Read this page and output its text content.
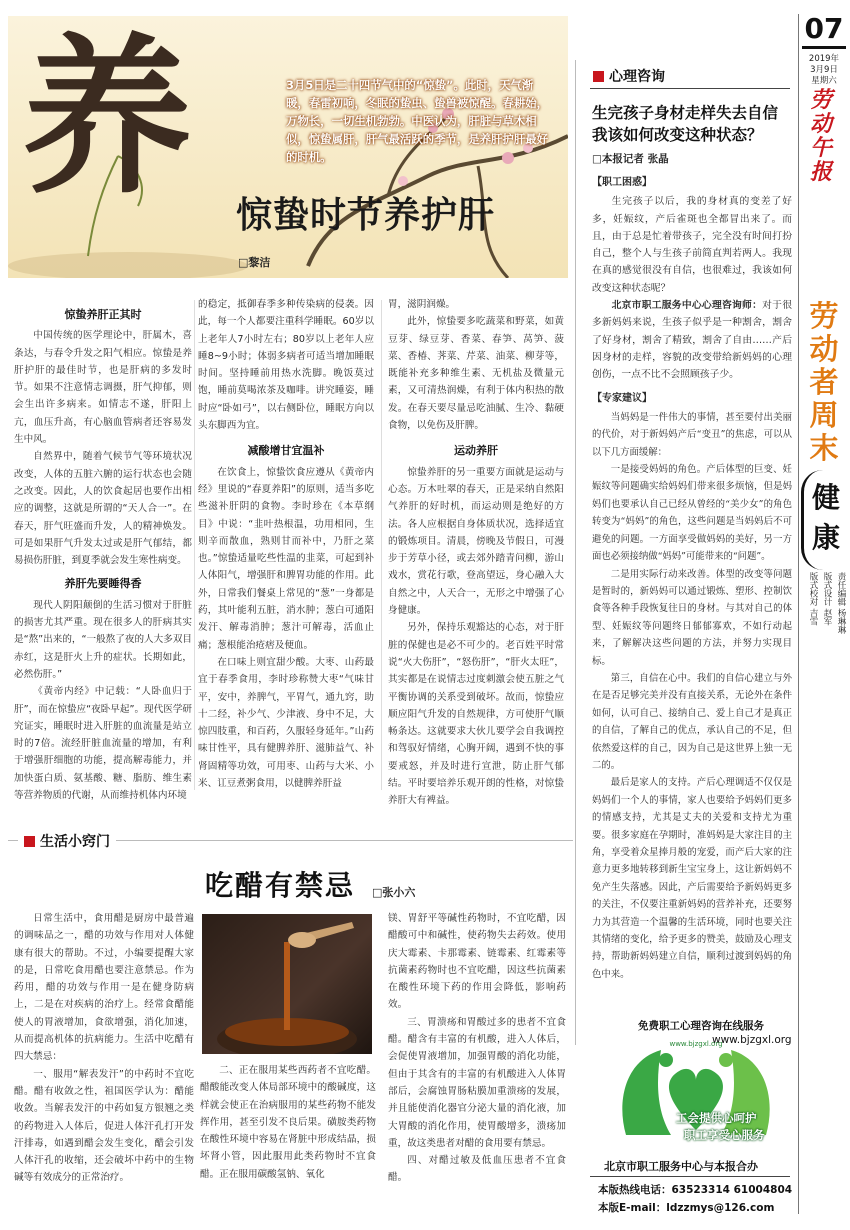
养	3月5日是二十四节气中的“惊蛰”。此时，天气渐暖，春雷初响，冬眠的蛰虫、蛰兽被惊醒。春耕始，万物长，一切生机勃勃。中医认为，肝脏与草木相似，惊蛰属肝，肝气最活跃的季节，是养肝护肝最好的时机。
惊蛰时节养护肝
□黎洁
惊蛰养肝正其时

中国传统的医学理论中，肝属木，喜条达，与春令升发之阳气相应。惊蛰是养肝护肝的最佳时节，也是肝病的多发时节。如果不注意情志调摄，肝气抑郁，则会生出许多病来。如情志不遂，肝阳上亢，血压升高，有心脑血管病者还容易发生中风。

自然界中，随着气候节气等环境状况改变，人体的五脏六腑的运行状态也会随之改变。因此，人的饮食起居也要作出相应的调整，这就是所谓的“天人合一”。在春天，肝气旺盛而升发，人的精神焕发。可是如果肝气升发太过或是肝气郁结，都易损伤肝脏，到夏季就会发生寒性病变。

养肝先要睡得香

现代人阴阳颠倒的生活习惯对于肝脏的损害尤其严重。现在很多人的肝病其实是“熬”出来的，“一般熬了夜的人大多双目赤红，这是肝火上升的症状。长期如此，必然伤肝。”

《黄帝内经》中记载：“人卧血归于肝”，而在惊蛰应“夜卧早起”。现代医学研究证实，睡眠时进入肝脏的血流量是站立时的7倍。流经肝脏血流量的增加，有利于增强肝细胞的功能，提高解毒能力，并加快蛋白质、氨基酸、糖、脂肪、维生素等营养物质的代谢，从而维持机体内环境

的稳定，抵御春季多种传染病的侵袭。因此，每一个人都要注重科学睡眠。60岁以上老年人7小时左右；80岁以上老年人应睡8~9小时；体弱多病者可适当增加睡眠时间。坚持睡前用热水洗脚。晚饭莫过饱，睡前莫喝浓茶及咖啡。讲究睡姿，睡时应“卧如弓”，以右侧卧位，睡眠方向以头东脚西为宜。

减酸增甘宜温补

在饮食上，惊蛰饮食应遵从《黄帝内经》里说的“春夏养阳”的原则，适当多吃些滋补肝阴的食物。李时珍在《本草纲目》中说：“韭叶热根温，功用相同，生则辛而散血，熟则甘而补中，乃肝之菜也。”惊蛰适量吃些性温的韭菜，可起到补人体阳气，增强肝和脾胃功能的作用。此外，日常我们餐桌上常见的“葱”一身都是药，其叶能利五脏，消水肿；葱白可通阳发汗、解毒消肿；葱汁可解毒，活血止痛；葱根能治疮痞及便血。

在口味上则宜甜少酸。大枣、山药最宜于春季食用，李时珍称赞大枣“气味甘平，安中，养脾气，平胃气，通九窍，助十二经，补少气、少津液、身中不足，大惊四肢重，和百药，久服轻身延年。”山药味甘性平，具有健脾养肝、滋肺益气、补肾固精等功效，可用枣、山药与大米、小米、讧豆煮粥食用，以健脾养肝益

胃，滋阴润燥。

此外，惊蛰要多吃蔬菜和野菜，如黄豆芽、绿豆芽、香菜、春笋、莴笋、菠菜、香椿、荠菜、芹菜、油菜、柳芽等，既能补充多种维生素、无机盐及微量元素，又可清热润燥，有利于体内积热的散发。在春天要尽量忌吃油腻、生冷、黏硬食物，以免伤及肝脾。

运动养肝

惊蛰养肝的另一重要方面就是运动与心态。万木吐翠的春天，正是采纳自然阳气养肝的好时机，而运动则是绝好的方法。各人应根据自身体质状况，选择适宜的锻炼项目。清晨，傍晚及节假日，可漫步于芳草小径，或去郊外踏青问柳，游山戏水，赏花行歌，登高望远，身心融入大自然之中，人天合一，无形之中增强了心身健康。

另外，保持乐观豁达的心态，对于肝脏的保健也是必不可少的。老百姓平时常说“火大伤肝”，“怒伤肝”，“肝火太旺”，其实都是在说情志过度刺激会使五脏之气平衡协调的关系受到破坏。故而，惊蛰应顺应阳气升发的自然规律，方可使肝气顺畅条达。这就要求大伙儿要学会自我调控和驾驭好情绪，心胸开阔，遇到不快的事要戒怒，并及时进行宣泄，防止肝气郁结。平时要培养乐观开朗的性格，对惊蛰养肝大有裨益。

生活小窍门
吃醋有禁忌 □张小六

日常生活中，食用醋是厨房中最普遍的调味品之一，醋的功效与作用对人体健康有很大的帮助。不过，小编要提醒大家的是，日常吃食用醋也要注意禁忌。作为药用，醋的功效与作用一是在健身防病上，二是在对疾病的治疗上。经常食醋能使人的胃液增加，食欲增强，消化加速，从而提高机体的抗病能力。生活中吃醋有四大禁忌：

一、服用“解表发汗”的中药时不宜吃醋。醋有收敛之性，祖国医学认为：醋能收敛。当解表发汗的中药如复方银翘之类的药物进入人体后，促进人体汗孔打开发汗排毒，如遇到醋会发生变化，醋会引发人体汗孔的收缩，还会破坏中药中的生物碱等有效成分的正常治疗。

二、正在服用某些西药者不宜吃醋。醋酸能改变人体局部环境中的酸碱度，这样就会使正在治病服用的某些药物不能发挥作用，甚至引发不良后果。磺胺类药物在酸性环境中容易在肾脏中形成结晶，损坏肾小管，因此服用此类药物时不宜食醋。正在服用碳酸氢钠、氧化

镁、胃舒平等碱性药物时，不宜吃醋，因醋酸可中和碱性，使药物失去药效。使用庆大霉素、卡那霉素、链霉素、红霉素等抗菌素药物时也不宜吃醋，因这些抗菌素在酸性环境下药的作用会降低，影响药效。

三、胃溃疡和胃酸过多的患者不宜食醋。醋含有丰富的有机酸，进入人体后，会促使胃液增加，加强胃酸的消化功能，但由于其含有的丰富的有机酸进入人体胃部后，会腐蚀胃肠粘膜加重溃疡的发展，并且能使消化器官分泌大量的消化液，加大胃酸的消化作用，使胃酸增多，溃疡加重，故这类患者对醋的食用要有禁忌。

四、对醋过敏及低血压患者不宜食醋。

心理咨询
生完孩子身材走样失去自信我该如何改变这种状态？
□本报记者 张晶
【职工困惑】

生完孩子以后，我的身材真的变差了好多，妊娠纹，产后雀斑也全都冒出来了。而且，由于总是忙着带孩子，完全没有时间打扮自己，整个人与生孩子前简直判若两人。我现在真的感觉很没有自信，也很难过，我该如何改变这种状态呢？

北京市职工服务中心心理咨询师：对于很多新妈妈来说，生孩子似乎是一种割舍，割舍了好身材，割舍了精致，割舍了自由……产后因身材的走样，容貌的改变带给新妈妈的心理创伤，一点不比不会照顾孩子少。

【专家建议】

当妈妈是一件伟大的事情，甚至要付出美丽的代价，对于新妈妈产后“变丑”的焦虑，可以从以下几方面缓解：

一是接受妈妈的角色。产后体型的巨变、妊娠纹等问题确实给妈妈们带来很多烦恼，但是妈妈们也要承认自己已经从曾经的“美少女”的角色转变为“妈妈”的角色，这些问题是当妈妈后不可避免的问题。一方面享受做妈妈的美好，另一方面也必须接纳做“妈妈”可能带来的“问题”。

二是用实际行动来改善。体型的改变等问题是暂时的，新妈妈可以通过锻炼、塑形、控制饮食等各种手段恢复往日的身材。与其对自己的体型、妊娠纹等问题终日郁郁寡欢，不如行动起来，了解解决这些问题的方法，并努力实现目标。

第三，自信在心中。我们的自信心建立与外在是否足够完美并没有直接关系，无论外在条件如何，认可自己、接纳自己、爱上自己才是真正的自信，了解自己的优点，承认自己的不足，但依然爱这样的自己，因为自己是这世界上独一无二的。

最后是家人的支持。产后心理调适不仅仅是妈妈们一个人的事情，家人也要给予妈妈们更多的情感支持，尤其是丈夫的关爱和支持尤为重要。很多家庭在孕期时，准妈妈是大家注目的主角，享受着众星捧月般的宠爱，而产后大家的注意力更多地转移到新生宝宝身上，这让新妈妈不免产生失落感。因此，产后需要给予新妈妈更多的关注，不仅要注重新妈妈的营养补充，还要努力为其营造一个温馨的生活环境，同时也要关注其情绪的变化，给予更多的赞美，鼓励及心理支持，帮助新妈妈建立自信，顺利过渡到妈妈的角色中来。

免费职工心理咨询在线服务
www.bjzgxl.org
www.bjzgxl.org
工会提供心呵护
职工享受心服务
北京市职工服务中心与本报合办
本版热线电话：63523314 61004804
本版E-mail：ldzzmys@126.com
07
2019年
3月9日
星期六
劳动午报
劳动者周末
健康
责任编辑 杨琳琳
版式设计 赵军
版式校对 吉雪
